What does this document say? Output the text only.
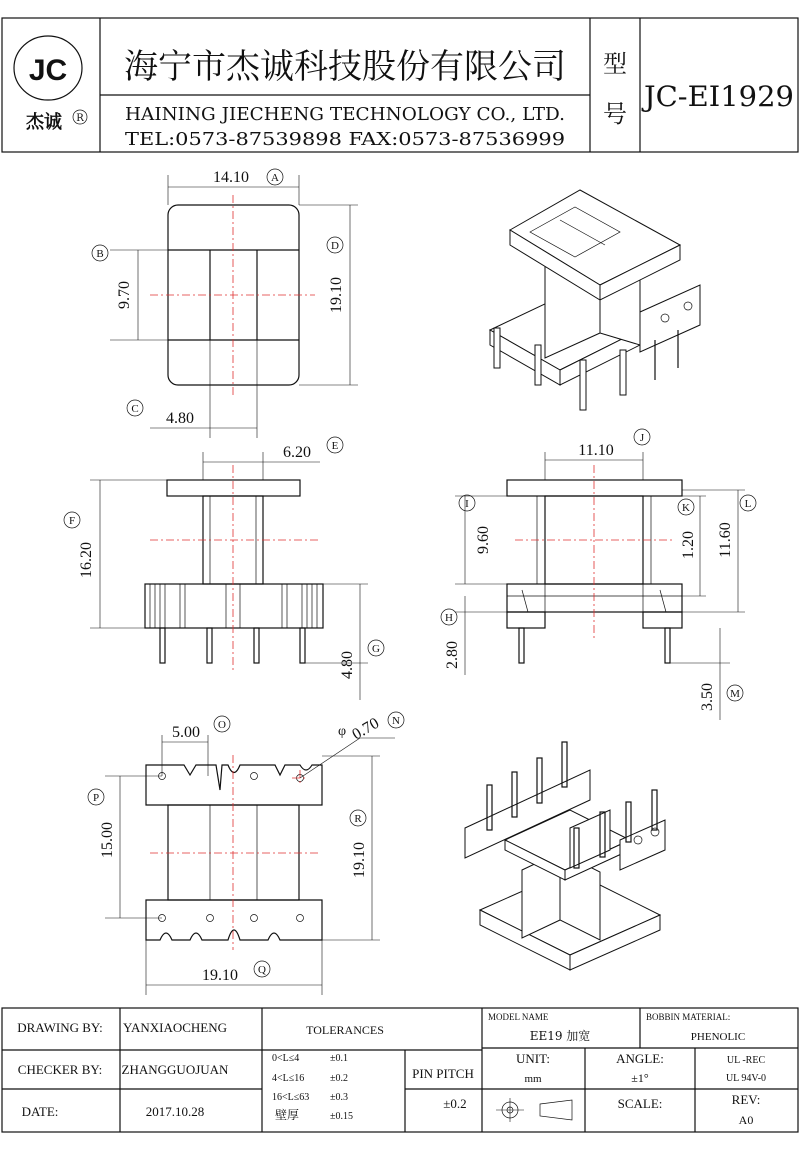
JC
杰诚 R
海宁市杰诚科技股份有限公司
HAINING JIECHENG TECHNOLOGY CO., LTD.
TEL:0573-87539898 FAX:0573-87536999
型
号
JC-EI1929
14.10 A
19.10
D
9.70
B
4.80
C
6.20 E
16.20
F
4.80
G
11.10
J
9.60
I
2.80
H
1.20
K
11.60
L
3.50 M
5.00 O	φ 0.70 N
15.00
P
19.10
R
19.10 Q
DRAWING BY: YANXIAOCHENG
CHECKER BY: ZHANGGUOJUAN
DATE:	2017.10.28
TOLERANCES
0<L≤4	±0.1
4<L≤16	±0.2
16<L≤63 ±0.3
壁厚	±0.15
PIN PITCH
±0.2
MODEL NAME
EE19 加宽
BOBBIN MATERIAL:
PHENOLIC
UNIT:
mm
ANGLE:
±1°
UL -REC
UL 94V-0
SCALE:	REV:
A0
